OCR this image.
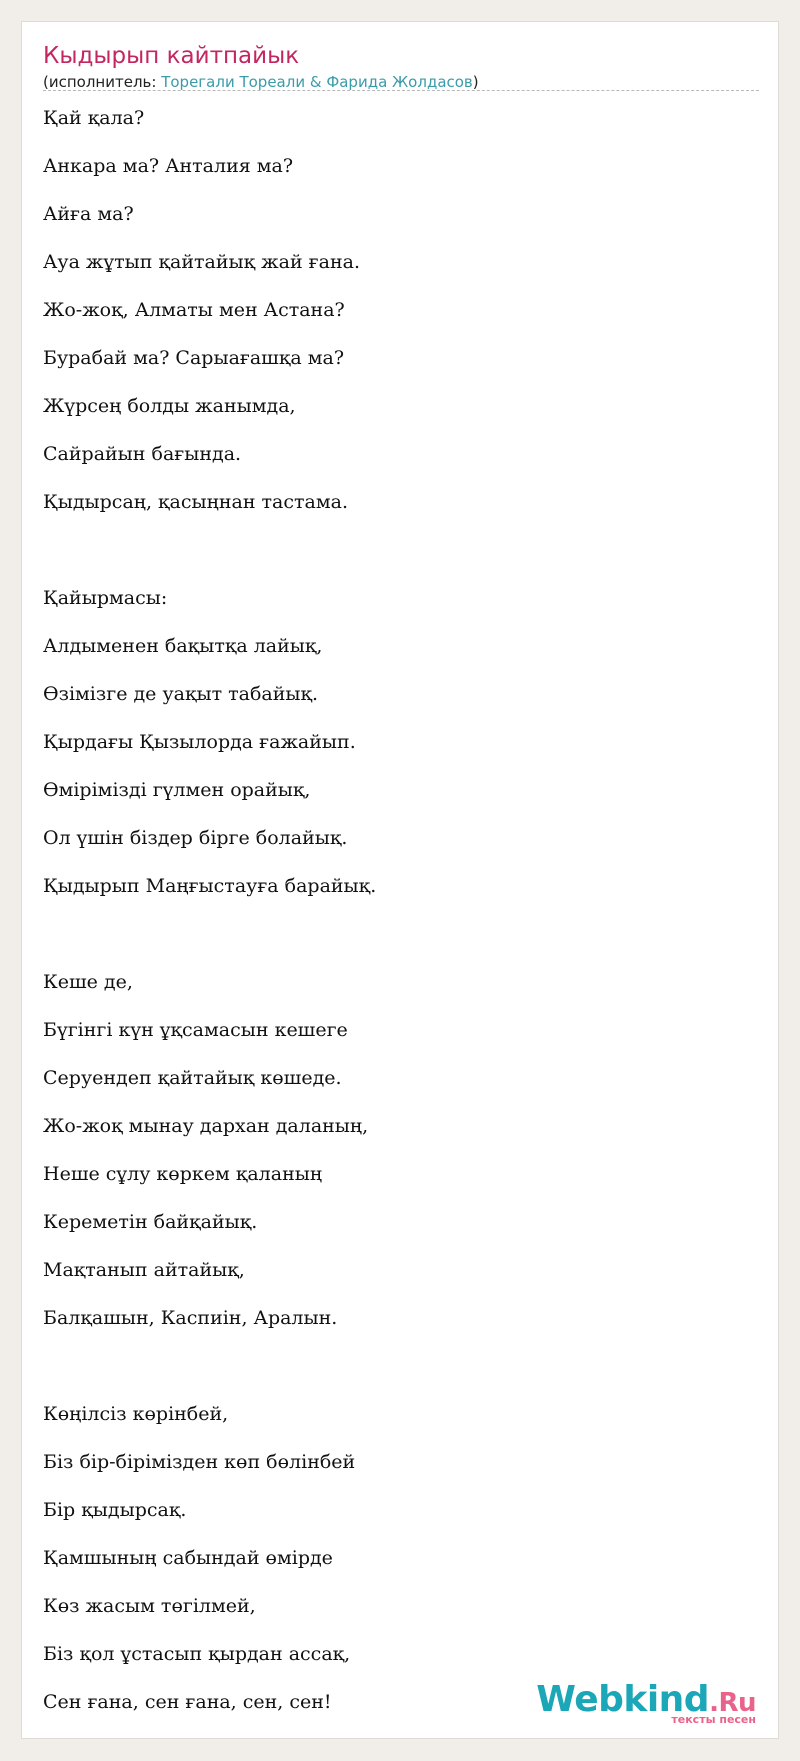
Кыдырып кайтпайык
(исполнитель: Торегали Тореали & Фарида Жолдасов)
Қай қала?
Анкара ма? Анталия ма?
Айға ма?
Ауа жұтып қайтайық жай ғана.
Жо-жоқ, Алматы мен Астана?
Бурабай ма? Сарыағашқа ма?
Жүрсең болды жанымда,
Сайрайын бағында.
Қыдырсаң, қасыңнан тастама.
Қайырмасы:
Алдыменен бақытқа лайық,
Өзімізге де уақыт табайық.
Қырдағы Қызылорда ғажайып.
Өмірімізді гүлмен орайық,
Ол үшін біздер бірге болайық.
Қыдырып Маңғыстауға барайық.
Кеше де,
Бүгінгі күн ұқсамасын кешеге
Серуендеп қайтайық көшеде.
Жо-жоқ мынау дархан даланың,
Неше сұлу көркем қаланың
Кереметін байқайық.
Мақтанып айтайық,
Балқашын, Каспиін, Аралын.
Көңілсіз көрінбей,
Біз бір-бірімізден көп бөлінбей
Бір қыдырсақ.
Қамшының сабындай өмірде
Көз жасым төгілмей,
Біз қол ұстасып қырдан ассақ,
Сен ғана, сен ғана, сен, сен!	Webkind.Ru
тексты песен
